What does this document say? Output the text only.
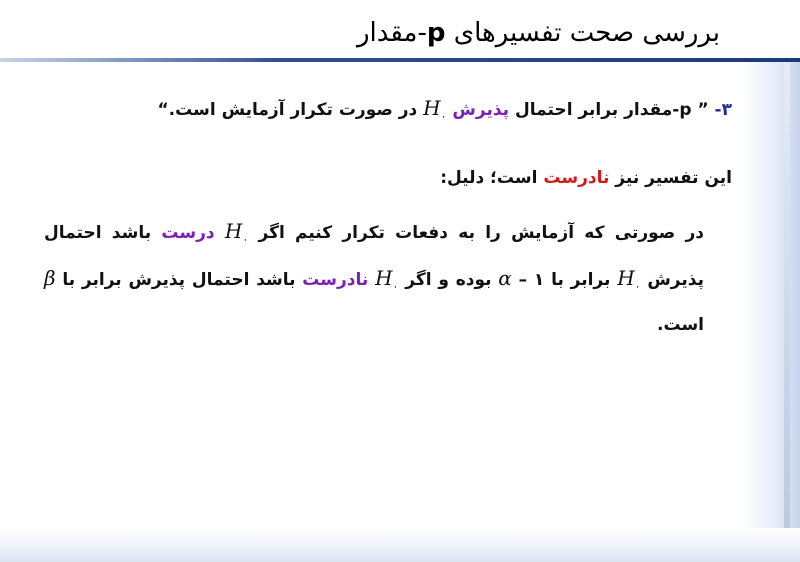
بررسی صحت تفسیرهای p-مقدار
۳- ” p-مقدار برابر احتمال پذیرش $H_۰$ در صورت تکرار آزمایش است.“
این تفسیر نیز نادرست است؛ دلیل:
در صورتی که آزمایش را به دفعات تکرار کنیم اگر $H_۰$ درست باشد احتمال پذیرش $H_۰$ برابر با ۱ – α بوده و اگر $H_۰$ نادرست باشد احتمال پذیرش برابر با β است.
